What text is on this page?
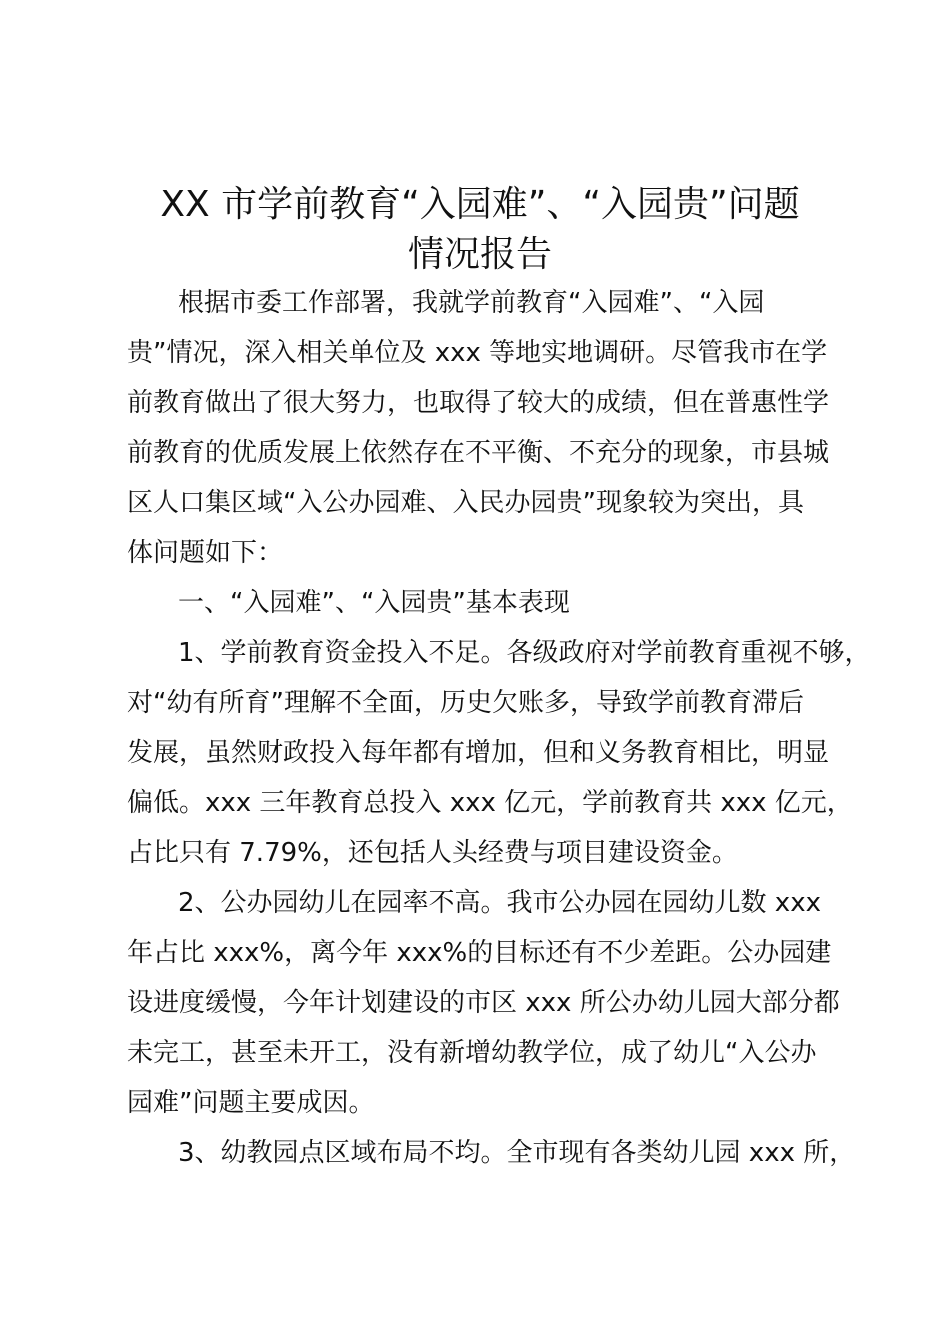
XX 市学前教育“入园难”、“入园贵”问题
情况报告

根据市委工作部署，我就学前教育“入园难”、“入园

贵”情况，深入相关单位及 xxx 等地实地调研。尽管我市在学

前教育做出了很大努力，也取得了较大的成绩，但在普惠性学

前教育的优质发展上依然存在不平衡、不充分的现象，市县城

区人口集区域“入公办园难、入民办园贵”现象较为突出，具

体问题如下：

一、“入园难”、“入园贵”基本表现

1、学前教育资金投入不足。各级政府对学前教育重视不够，

对“幼有所育”理解不全面，历史欠账多，导致学前教育滞后

发展，虽然财政投入每年都有增加，但和义务教育相比，明显

偏低。xxx 三年教育总投入 xxx 亿元，学前教育共 xxx 亿元，

占比只有 7.79%，还包括人头经费与项目建设资金。

2、公办园幼儿在园率不高。我市公办园在园幼儿数 xxx

年占比 xxx%，离今年 xxx%的目标还有不少差距。公办园建

设进度缓慢，今年计划建设的市区 xxx 所公办幼儿园大部分都

未完工，甚至未开工，没有新增幼教学位，成了幼儿“入公办

园难”问题主要成因。

3、幼教园点区域布局不均。全市现有各类幼儿园 xxx 所，
